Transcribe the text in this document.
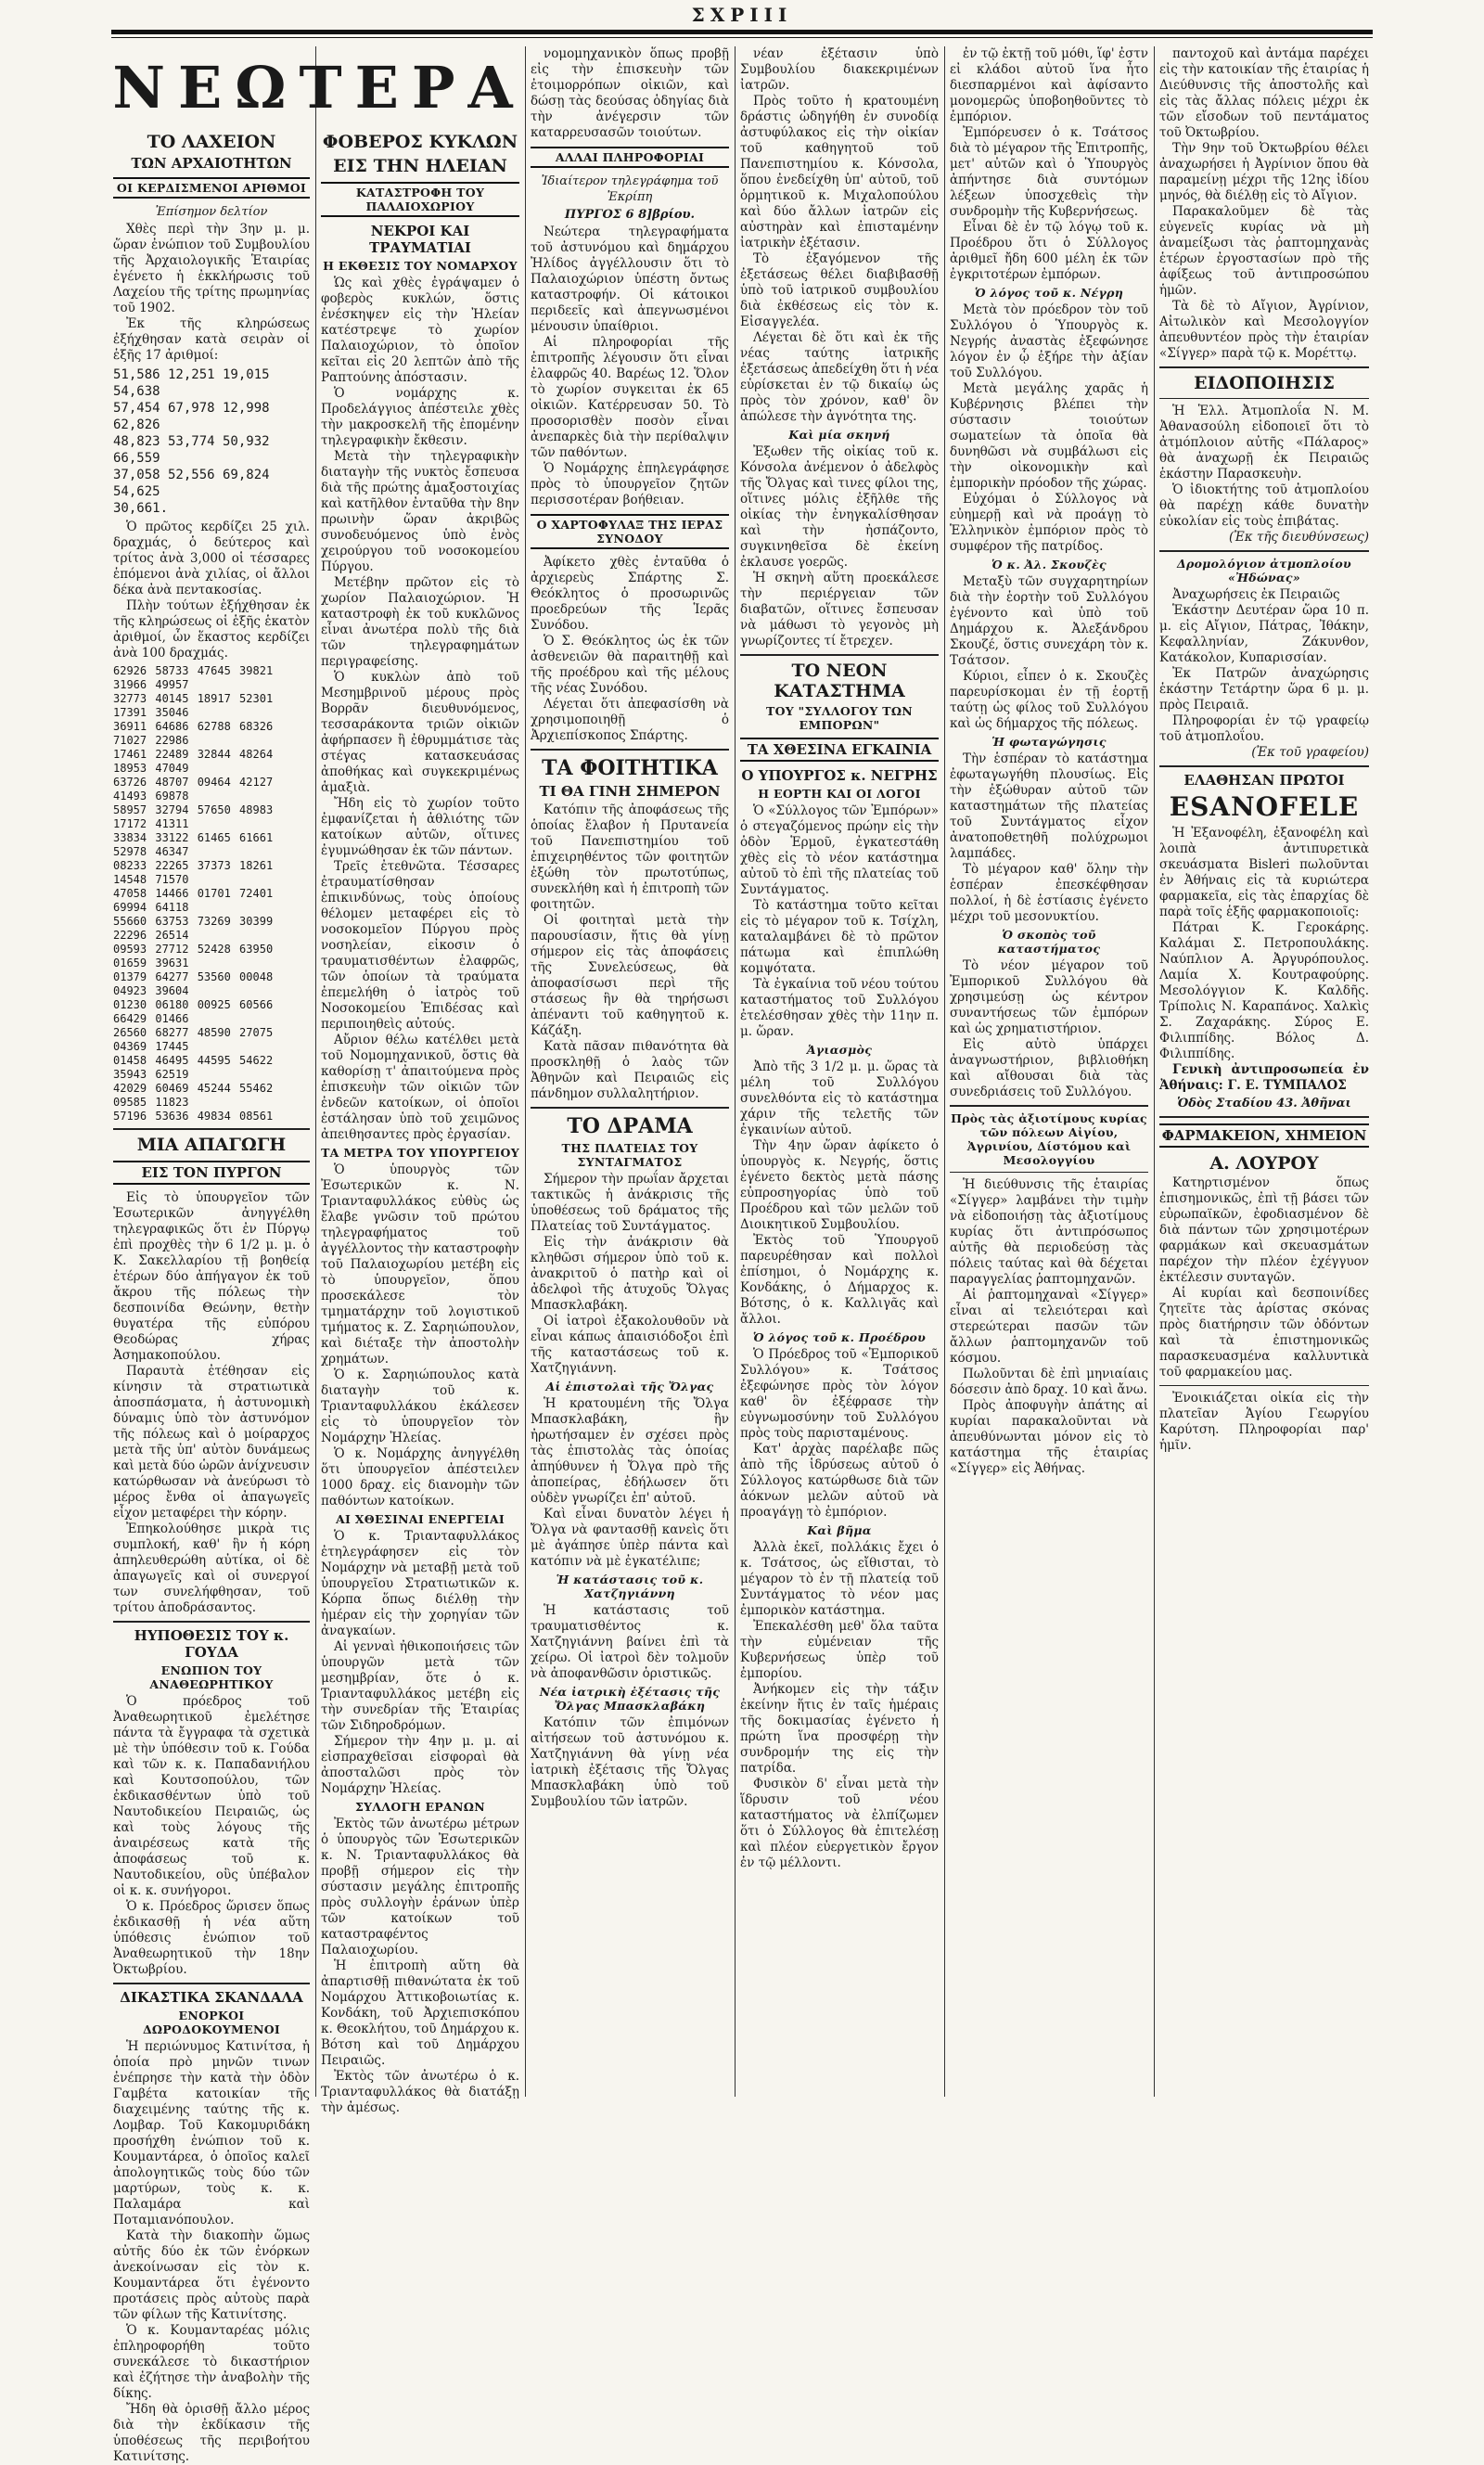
ΣΧΡΙΙΙ
ΝΕΩΤΕΡΑ
ΤΟ ΛΑΧΕΙΟΝ
ΤΩΝ ΑΡΧΑΙΟΤΗΤΩΝ
ΟΙ ΚΕΡΔΙΣΜΕΝΟΙ ΑΡΙΘΜΟΙ
Ἐπίσημον δελτίον

Χθὲς περὶ τὴν 3ην μ. μ. ὥραν ἐνώπιον τοῦ Συμβουλίου τῆς Ἀρχαιολογικῆς Ἑταιρίας ἐγένετο ἡ ἐκκλήρωσις τοῦ Λαχείου τῆς τρίτης πρωμηνίας τοῦ 1902.

Ἐκ τῆς κληρώσεως ἐξήχθησαν κατὰ σειρὰν οἱ ἑξῆς 17 ἀριθμοί:

51,586 12,251 19,015 54,638
57,454 67,978 12,998 62,826
48,823 53,774 50,932 66,559
37,058 52,556 69,824 54,625
30,661.

Ὁ πρῶτος κερδίζει 25 χιλ. δραχμάς, ὁ δεύτερος καὶ τρίτος ἀνὰ 3,000 οἱ τέσσαρες ἑπόμενοι ἀνὰ χιλίας, οἱ ἄλλοι δέκα ἀνὰ πεντακοσίας.

Πλὴν τούτων ἐξήχθησαν ἐκ τῆς κληρώσεως οἱ ἑξῆς ἑκατὸν ἀριθμοί, ὧν ἕκαστος κερδίζει ἀνὰ 100 δραχμάς.

62926 58733 47645 39821 31966 49957
32773 40145 18917 52301 17391 35046
36911 64686 62788 68326 71027 22986
17461 22489 32844 48264 18953 47049
63726 48707 09464 42127 41493 69878
58957 32794 57650 48983 17172 41311
33834 33122 61465 61661 52978 46347
08233 22265 37373 18261 14548 71570
47058 14466 01701 72401 69994 64118
55660 63753 73269 30399 22296 26514
09593 27712 52428 63950 01659 39631
01379 64277 53560 00048 04923 39604
01230 06180 00925 60566 66429 01466
26560 68277 48590 27075 04369 17445
01458 46495 44595 54622 35943 62519
42029 60469 45244 55462 09585 11823
57196 53636 49834 08561
ΜΙΑ ΑΠΑΓΩΓΗ
ΕΙΣ ΤΟΝ ΠΥΡΓΟΝ

Εἰς τὸ ὑπουργεῖον τῶν Ἐσωτερικῶν ἀνηγγέλθη τηλεγραφικῶς ὅτι ἐν Πύργῳ ἐπὶ προχθὲς τὴν 6 1/2 μ. μ. ὁ Κ. Σακελλαρίου τῇ βοηθείᾳ ἑτέρων δύο ἀπήγαγον ἐκ τοῦ ἄκρου τῆς πόλεως τὴν δεσποινίδα Θεώνην, θετὴν θυγατέρα τῆς εὐπόρου Θεοδώρας χήρας Ἀσημακοπούλου.

Παραυτὰ ἐτέθησαν εἰς κίνησιν τὰ στρατιωτικὰ ἀποσπάσματα, ἡ ἀστυνομικὴ δύναμις ὑπὸ τὸν ἀστυνόμον τῆς πόλεως καὶ ὁ μοίραρχος μετὰ τῆς ὑπ' αὐτὸν δυνάμεως καὶ μετὰ δύο ὡρῶν ἀνίχνευσιν κατώρθωσαν νὰ ἀνεύρωσι τὸ μέρος ἔνθα οἱ ἀπαγωγεῖς εἶχον μεταφέρει τὴν κόρην.

Ἐπηκολούθησε μικρὰ τις συμπλοκή, καθ' ἣν ἡ κόρη ἀπηλευθερώθη αὐτίκα, οἱ δὲ ἀπαγωγεῖς καὶ οἱ συνεργοί των συνελήφθησαν, τοῦ τρίτου ἀποδράσαντος.

ΗΥΠΟΘΕΣΙΣ ΤΟΥ κ. ΓΟΥΔΑ
ΕΝΩΠΙΟΝ ΤΟΥ ΑΝΑΘΕΩΡΗΤΙΚΟΥ

Ὁ πρόεδρος τοῦ Ἀναθεωρητικοῦ ἐμελέτησε πάντα τὰ ἔγγραφα τὰ σχετικὰ μὲ τὴν ὑπόθεσιν τοῦ κ. Γούδα καὶ τῶν κ. κ. Παπαδανιήλου καὶ Κουτσοπούλου, τῶν ἐκδικασθέντων ὑπὸ τοῦ Ναυτοδικείου Πειραιῶς, ὡς καὶ τοὺς λόγους τῆς ἀναιρέσεως κατὰ τῆς ἀποφάσεως τοῦ κ. Ναυτοδικείου, οὓς ὑπέβαλον οἱ κ. κ. συνήγοροι.

Ὁ κ. Πρόεδρος ὥρισεν ὅπως ἐκδικασθῇ ἡ νέα αὕτη ὑπόθεσις ἐνώπιον τοῦ Ἀναθεωρητικοῦ τὴν 18ην Ὀκτωβρίου.

ΔΙΚΑΣΤΙΚΑ ΣΚΑΝΔΑΛΑ
ΕΝΟΡΚΟΙ ΔΩΡΟΔΟΚΟΥΜΕΝΟΙ

Ἡ περιώνυμος Κατινίτσα, ἡ ὁποία πρὸ μηνῶν τινων ἐνέπρησε τὴν κατὰ τὴν ὁδὸν Γαμβέτα κατοικίαν τῆς διαχειμένης ταύτης τῆς κ. Λομβαρ. Τοῦ Κακομυριδάκη προσήχθη ἐνώπιον τοῦ κ. Κουμαντάρεα, ὁ ὁποῖος καλεῖ ἀπολογητικῶς τοὺς δύο τῶν μαρτύρων, τοὺς κ. κ. Παλαμάρα καὶ Ποταμιανόπουλον.

Κατὰ τὴν διακοπὴν ὥμως αὐτῆς δύο ἐκ τῶν ἐνόρκων ἀνεκοίνωσαν εἰς τὸν κ. Κουμαντάρεα ὅτι ἐγένοντο προτάσεις πρὸς αὐτοὺς παρὰ τῶν φίλων τῆς Κατινίτσης.

Ὁ κ. Κουμανταρέας μόλις ἐπληροφορήθη τοῦτο συνεκάλεσε τὸ δικαστήριον καὶ ἐζήτησε τὴν ἀναβολὴν τῆς δίκης.

Ἤδη θὰ ὁρισθῇ ἄλλο μέρος διὰ τὴν ἐκδίκασιν τῆς ὑποθέσεως τῆς περιβοήτου Κατινίτσης.

ΦΟΒΕΡΟΣ ΚΥΚΛΩΝ
ΕΙΣ ΤΗΝ ΗΛΕΙΑΝ
ΚΑΤΑΣΤΡΟΦΗ ΤΟΥ ΠΑΛΑΙΟΧΩΡΙΟΥ
ΝΕΚΡΟΙ ΚΑΙ ΤΡΑΥΜΑΤΙΑΙ
Η ΕΚΘΕΣΙΣ ΤΟΥ ΝΟΜΑΡΧΟΥ

Ὡς καὶ χθὲς ἐγράψαμεν ὁ φοβερὸς κυκλών, ὅστις ἐνέσκηψεν εἰς τὴν Ἠλείαν κατέστρεψε τὸ χωρίον Παλαιοχώριον, τὸ ὁποῖον κεῖται εἰς 20 λεπτῶν ἀπὸ τῆς Ραπτούνης ἀπόστασιν.

Ὁ νομάρχης κ. Προδελάγγιος ἀπέστειλε χθὲς τὴν μακροσκελῆ τῆς ἐπομένην τηλεγραφικὴν ἔκθεσιν.

Μετὰ τὴν τηλεγραφικὴν διαταγὴν τῆς νυκτὸς ἔσπευσα διὰ τῆς πρώτης ἀμαξοστοιχίας καὶ κατῆλθον ἐνταῦθα τὴν 8ην πρωινὴν ὥραν ἀκριβῶς συνοδευόμενος ὑπὸ ἑνὸς χειρούργου τοῦ νοσοκομείου Πύργου.

Μετέβην πρῶτον εἰς τὸ χωρίον Παλαιοχώριον. Ἡ καταστροφὴ ἐκ τοῦ κυκλῶνος εἶναι ἀνωτέρα πολὺ τῆς διὰ τῶν τηλεγραφημάτων περιγραφείσης.

Ὁ κυκλὼν ἀπὸ τοῦ Μεσημβρινοῦ μέρους πρὸς Βορρᾶν διευθυνόμενος, τεσσαράκοντα τριῶν οἰκιῶν ἀφήρπασεν ἢ ἐθρυμμάτισε τὰς στέγας κατασκευάσας ἀποθήκας καὶ συγκεκριμένως ἁμαξιὰ.

Ἤδη εἰς τὸ χωρίον τοῦτο ἐμφανίζεται ἡ ἀθλιότης τῶν κατοίκων αὐτῶν, οἵτινες ἐγυμνώθησαν ἐκ τῶν πάντων.

Τρεῖς ἐτεθνῶτα. Τέσσαρες ἐτραυματίσθησαν ἐπικινδύνως, τοὺς ὁποίους θέλομεν μεταφέρει εἰς τὸ νοσοκομεῖον Πύργου πρὸς νοσηλείαν, εἰκοσιν ὁ τραυματισθέντων ἐλαφρῶς, τῶν ὁποίων τὰ τραύματα ἐπεμελήθη ὁ ἰατρὸς τοῦ Νοσοκομείου Ἐπιδέσας καὶ περιποιηθεὶς αὐτούς.

Αὔριον θέλω κατέλθει μετὰ τοῦ Νομομηχανικοῦ, ὅστις θὰ καθορίσῃ τ' ἀπαιτούμενα πρὸς ἐπισκευὴν τῶν οἰκιῶν τῶν ἐνδεῶν κατοίκων, οἱ ὁποῖοι ἐστάλησαν ὑπὸ τοῦ χειμῶνος ἀπειθησαντες πρὸς ἐργασίαν.

ΤΑ ΜΕΤΡΑ ΤΟΥ ΥΠΟΥΡΓΕΙΟΥ

Ὁ ὑπουργὸς τῶν Ἐσωτερικῶν κ. Ν. Τριανταφυλλάκος εὐθὺς ὡς ἔλαβε γνῶσιν τοῦ πρώτου τηλεγραφήματος τοῦ ἀγγέλλοντος τὴν καταστροφὴν τοῦ Παλαιοχωρίου μετέβη εἰς τὸ ὑπουργεῖον, ὅπου προσεκάλεσε τὸν τμηματάρχην τοῦ λογιστικοῦ τμήματος κ. Ζ. Σαρηιώπουλον, καὶ διέταξε τὴν ἀποστολὴν χρημάτων.

Ὁ κ. Σαρηιώπουλος κατὰ διαταγὴν τοῦ κ. Τριανταφυλλάκου ἐκάλεσεν εἰς τὸ ὑπουργεῖον τὸν Νομάρχην Ἠλείας.

Ὁ κ. Νομάρχης ἀνηγγέλθη ὅτι ὑπουργεῖον ἀπέστειλεν 1000 δραχ. εἰς διανομὴν τῶν παθόντων κατοίκων.

ΑΙ ΧΘΕΣΙΝΑΙ ΕΝΕΡΓΕΙΑΙ

Ὁ κ. Τριανταφυλλάκος ἐτηλεγράφησεν εἰς τὸν Νομάρχην νὰ μεταβῇ μετὰ τοῦ ὑπουργεῖου Στρατιωτικῶν κ. Κόρπα ὅπως διέλθῃ τὴν ἡμέραν εἰς τὴν χορηγίαν τῶν ἀναγκαίων.

Αἱ γενναὶ ἠθικοποιήσεις τῶν ὑπουργῶν μετὰ τῶν μεσημβρίαν, ὅτε ὁ κ. Τριανταφυλλάκος μετέβη εἰς τὴν συνεδρίαν τῆς Ἑταιρίας τῶν Σιδηροδρόμων.

Σήμερον τὴν 4ην μ. μ. αἱ εἰσπραχθεῖσαι εἰσφοραὶ θὰ ἀποσταλῶσι πρὸς τὸν Νομάρχην Ἠλείας.

ΣΥΛΛΟΓΗ ΕΡΑΝΩΝ

Ἐκτὸς τῶν ἀνωτέρω μέτρων ὁ ὑπουργὸς τῶν Ἐσωτερικῶν κ. Ν. Τριανταφυλλάκος θὰ προβῇ σήμερον εἰς τὴν σύστασιν μεγάλης ἐπιτροπῆς πρὸς συλλογὴν ἐράνων ὑπὲρ τῶν κατοίκων τοῦ καταστραφέντος Παλαιοχωρίου.

Ἡ ἐπιτροπὴ αὕτη θὰ ἀπαρτισθῇ πιθανώτατα ἐκ τοῦ Νομάρχου Ἀττικοβοιωτίας κ. Κονδάκη, τοῦ Ἀρχιεπισκόπου κ. Θεοκλήτου, τοῦ Δημάρχου κ. Βότση καὶ τοῦ Δημάρχου Πειραιῶς.

Ἐκτὸς τῶν ἀνωτέρω ὁ κ. Τριανταφυλλάκος θὰ διατάξῃ τὴν ἀμέσως.

νομομηχανικὸν ὅπως προβῇ εἰς τὴν ἐπισκευὴν τῶν ἐτοιμορρόπων οἰκιῶν, καὶ δώσῃ τὰς δεούσας ὁδηγίας διὰ τὴν ἀνέγερσιν τῶν καταρρευσασῶν τοιούτων.

ΑΛΛΑΙ ΠΛΗΡΟΦΟΡΙΑΙ
Ἰδιαίτερον τηλεγράφημα τοῦ Ἐκρίπη
ΠΥΡΓΟΣ 6 8]βρίου.

Νεώτερα τηλεγραφήματα τοῦ ἀστυνόμου καὶ δημάρχου Ἠλίδος ἀγγέλλουσιν ὅτι τὸ Παλαιοχώριον ὑπέστη ὄντως καταστροφήν. Οἱ κάτοικοι περιδεεῖς καὶ ἀπεγνωσμένοι μένουσιν ὑπαίθριοι.

Αἱ πληροφορίαι τῆς ἐπιτροπῆς λέγουσιν ὅτι εἶναι ἐλαφρῶς 40. Βαρέως 12. Ὅλον τὸ χωρίον συγκειται ἐκ 65 οἰκιῶν. Κατέρρευσαν 50. Τὸ προσορισθὲν ποσὸν εἶναι ἀνεπαρκὲς διὰ τὴν περίθαλψιν τῶν παθόντων.

Ὁ Νομάρχης ἐπηλεγράφησε πρὸς τὸ ὑπουργεῖον ζητῶν περισσοτέραν βοήθειαν.

Ο ΧΑΡΤΟΦΥΛΑΞ ΤΗΣ ΙΕΡΑΣ ΣΥΝΟΔΟΥ

Ἀφίκετο χθὲς ἐνταῦθα ὁ ἀρχιερεὺς Σπάρτης Σ. Θεόκλητος ὁ προσωρινῶς προεδρεύων τῆς Ἱερᾶς Συνόδου.

Ὁ Σ. Θεόκλητος ὡς ἐκ τῶν ἀσθενειῶν θὰ παραιτηθῇ καὶ τῆς προέδρου καὶ τῆς μέλους τῆς νέας Συνόδου.

Λέγεται ὅτι ἀπεφασίσθη νὰ χρησιμοποιηθῇ ὁ Ἀρχιεπίσκοπος Σπάρτης.

ΤΑ ΦΟΙΤΗΤΙΚΑ
ΤΙ ΘΑ ΓΙΝΗ ΣΗΜΕΡΟΝ

Κατόπιν τῆς ἀποφάσεως τῆς ὁποίας ἔλαβον ἡ Πρυτανεία τοῦ Πανεπιστημίου τοῦ ἐπιχειρηθέντος τῶν φοιτητῶν ἐξώθη τὸν πρωτοτύπως, συνεκλήθη καὶ ἡ ἐπιτροπὴ τῶν φοιτητῶν.

Οἱ φοιτηταὶ μετὰ τὴν παρουσίασιν, ἥτις θὰ γίνῃ σήμερον εἰς τὰς ἀποφάσεις τῆς Συνελεύσεως, θὰ ἀποφασίσωσι περὶ τῆς στάσεως ἣν θὰ τηρήσωσι ἀπέναντι τοῦ καθηγητοῦ κ. Κάζάξη.

Κατὰ πᾶσαν πιθανότητα θὰ προσκληθῇ ὁ λαὸς τῶν Ἀθηνῶν καὶ Πειραιῶς εἰς πάνδημον συλλαλητήριον.

ΤΟ ΔΡΑΜΑ
ΤΗΣ ΠΛΑΤΕΙΑΣ ΤΟΥ ΣΥΝΤΑΓΜΑΤΟΣ

Σήμερον τὴν πρωΐαν ἄρχεται τακτικῶς ἡ ἀνάκρισις τῆς ὑποθέσεως τοῦ δράματος τῆς Πλατείας τοῦ Συντάγματος.

Εἰς τὴν ἀνάκρισιν θὰ κληθῶσι σήμερον ὑπὸ τοῦ κ. ἀνακριτοῦ ὁ πατὴρ καὶ οἱ ἀδελφοὶ τῆς ἀτυχοῦς Ὄλγας Μπασκλαβάκη.

Οἱ ἰατροὶ ἐξακολουθοῦν νὰ εἶναι κάπως ἀπαισιόδοξοι ἐπὶ τῆς καταστάσεως τοῦ κ. Χατζηγιάννη.

Αἱ ἐπιστολαὶ τῆς Ὄλγας

Ἡ κρατουμένη τῆς Ὄλγα Μπασκλαβάκη, ἣν ἠρωτήσαμεν ἐν σχέσει πρὸς τὰς ἐπιστολὰς τὰς ὁποίας ἀπηύθυνεν ἡ Ὄλγα πρὸ τῆς ἀποπείρας, ἐδήλωσεν ὅτι οὐδὲν γνωρίζει ἐπ' αὐτοῦ.

Καὶ εἶναι δυνατὸν λέγει ἡ Ὄλγα νὰ φαντασθῇ κανεὶς ὅτι μὲ ἀγάπησε ὑπὲρ πάντα καὶ κατόπιν νὰ μὲ ἐγκατέλιπε;

Ἡ κατάστασις τοῦ κ. Χατζηγιάννη

Ἡ κατάστασις τοῦ τραυματισθέντος κ. Χατζηγιάννη βαίνει ἐπὶ τὰ χείρω. Οἱ ἰατροὶ δὲν τολμοῦν νὰ ἀποφανθῶσιν ὁριστικῶς.

Νέα ἰατρικὴ ἐξέτασις τῆς Ὄλγας Μπασκλαβάκη

Κατόπιν τῶν ἐπιμόνων αἰτήσεων τοῦ ἀστυνόμου κ. Χατζηγιάννη θὰ γίνῃ νέα ἰατρικὴ ἐξέτασις τῆς Ὄλγας Μπασκλαβάκη ὑπὸ τοῦ Συμβουλίου τῶν ἰατρῶν.

νέαν ἐξέτασιν ὑπὸ Συμβουλίου διακεκριμένων ἰατρῶν.

Πρὸς τοῦτο ἡ κρατουμένη δράστις ὡδηγήθη ἐν συνοδίᾳ ἀστυφύλακος εἰς τὴν οἰκίαν τοῦ καθηγητοῦ τοῦ Πανεπιστημίου κ. Κόνσολα, ὅπου ἐνεδείχθη ὑπ' αὐτοῦ, τοῦ ὁρμητικοῦ κ. Μιχαλοπούλου καὶ δύο ἄλλων ἰατρῶν εἰς αὐστηρὰν καὶ ἐπισταμένην ἰατρικὴν ἐξέτασιν.

Τὸ ἐξαγόμενον τῆς ἐξετάσεως θέλει διαβιβασθῇ ὑπὸ τοῦ ἰατρικοῦ συμβουλίου διὰ ἐκθέσεως εἰς τὸν κ. Εἰσαγγελέα.

Λέγεται δὲ ὅτι καὶ ἐκ τῆς νέας ταύτης ἰατρικῆς ἐξετάσεως ἀπεδείχθη ὅτι ἡ νέα εὑρίσκεται ἐν τῷ δικαίῳ ὡς πρὸς τὸν χρόνον, καθ' ὃν ἀπώλεσε τὴν ἀγνότητα της.

Καὶ μία σκηνή

Ἐξωθεν τῆς οἰκίας τοῦ κ. Κόνσολα ἀνέμενον ὁ ἀδελφὸς τῆς Ὄλγας καὶ τινες φίλοι της, οἵτινες μόλις ἐξῆλθε τῆς οἰκίας τὴν ἐνηγκαλίσθησαν καὶ τὴν ἠσπάζοντο, συγκινηθεῖσα δὲ ἐκείνη ἐκλαυσε γοερῶς.

Ἡ σκηνὴ αὕτη προεκάλεσε τὴν περιέργειαν τῶν διαβατῶν, οἵτινες ἔσπευσαν νὰ μάθωσι τὸ γεγονὸς μὴ γνωρίζοντες τί ἔτρεχεν.

ΤΟ ΝΕΟΝ ΚΑΤΑΣΤΗΜΑ
ΤΟΥ "ΣΥΛΛΟΓΟΥ ΤΩΝ ΕΜΠΟΡΩΝ"
ΤΑ ΧΘΕΣΙΝΑ ΕΓΚΑΙΝΙΑ
Ο ΥΠΟΥΡΓΟΣ κ. ΝΕΓΡΗΣ
Η ΕΟΡΤΗ ΚΑΙ ΟΙ ΛΟΓΟΙ

Ὁ «Σύλλογος τῶν Ἐμπόρων» ὁ στεγαζόμενος πρώην εἰς τὴν ὁδὸν Ἑρμοῦ, ἐγκατεστάθη χθὲς εἰς τὸ νέον κατάστημα αὐτοῦ τὸ ἐπὶ τῆς πλατείας τοῦ Συντάγματος.

Τὸ κατάστημα τοῦτο κεῖται εἰς τὸ μέγαρον τοῦ κ. Τσίχλη, καταλαμβάνει δὲ τὸ πρῶτον πάτωμα καὶ ἐπιπλώθη κομψότατα.

Τὰ ἐγκαίνια τοῦ νέου τούτου καταστήματος τοῦ Συλλόγου ἐτελέσθησαν χθὲς τὴν 11ην π. μ. ὥραν.

Ἁγιασμὸς

Ἀπὸ τῆς 3 1/2 μ. μ. ὥρας τὰ μέλη τοῦ Συλλόγου συνελθόντα εἰς τὸ κατάστημα χάριν τῆς τελετῆς τῶν ἐγκαινίων αὐτοῦ.

Τὴν 4ην ὥραν ἀφίκετο ὁ ὑπουργὸς κ. Νεγρής, ὅστις ἐγένετο δεκτὸς μετὰ πάσης εὐπροσηγορίας ὑπὸ τοῦ Προέδρου καὶ τῶν μελῶν τοῦ Διοικητικοῦ Συμβουλίου.

Ἐκτὸς τοῦ Ὑπουργοῦ παρευρέθησαν καὶ πολλοὶ ἐπίσημοι, ὁ Νομάρχης κ. Κονδάκης, ὁ Δήμαρχος κ. Βότσης, ὁ κ. Καλλιγᾶς καὶ ἄλλοι.

Ὁ λόγος τοῦ κ. Προέδρου

Ὁ Πρόεδρος τοῦ «Ἐμπορικοῦ Συλλόγου» κ. Τσάτσος ἐξεφώνησε πρὸς τὸν λόγον καθ' ὃν ἐξέφρασε τὴν εὐγνωμοσύνην τοῦ Συλλόγου πρὸς τοὺς παρισταμένους.

Κατ' ἀρχὰς παρέλαβε πῶς ἀπὸ τῆς ἱδρύσεως αὐτοῦ ὁ Σύλλογος κατώρθωσε διὰ τῶν ἀόκνων μελῶν αὐτοῦ νὰ προαγάγῃ τὸ ἐμπόριον.

Καὶ βῆμα

Ἀλλὰ ἐκεῖ, πολλάκις ἔχει ὁ κ. Τσάτσος, ὡς εἴθισται, τὸ μέγαρον τὸ ἐν τῇ πλατείᾳ τοῦ Συντάγματος τὸ νέον μας ἐμπορικὸν κατάστημα.

Ἐπεκαλέσθη μεθ' ὅλα ταῦτα τὴν εὐμένειαν τῆς Κυβερνήσεως ὑπὲρ τοῦ ἐμπορίου.

Ἀνήκομεν εἰς τὴν τάξιν ἐκείνην ἥτις ἐν ταῖς ἡμέραις τῆς δοκιμασίας ἐγένετο ἡ πρώτη ἵνα προσφέρῃ τὴν συνδρομήν της εἰς τὴν πατρίδα.

Φυσικὸν δ' εἶναι μετὰ τὴν ἵδρυσιν τοῦ νέου καταστήματος νὰ ἐλπίζωμεν ὅτι ὁ Σύλλογος θὰ ἐπιτελέσῃ καὶ πλέον εὐεργετικὸν ἔργον ἐν τῷ μέλλοντι.

ἐν τῷ ἐκτῇ τοῦ μόθι, ἵφ' ἐστν εἰ κλάδοι αὐτοῦ ἵνα ἦτο διεσπαρμένοι καὶ ἀφίσαντο μονομερῶς ὑποβοηθοῦντες τὸ ἐμπόριον.

Ἐμπόρευσεν ὁ κ. Τσάτσος διὰ τὸ μέγαρον τῆς Ἐπιτροπῆς, μετ' αὐτῶν καὶ ὁ Ὑπουργὸς ἀπήντησε διὰ συντόμων λέξεων ὑποσχεθεὶς τὴν συνδρομὴν τῆς Κυβερνήσεως.

Εἶναι δὲ ἐν τῷ λόγῳ τοῦ κ. Προέδρου ὅτι ὁ Σύλλογος ἀριθμεῖ ἤδη 600 μέλη ἐκ τῶν ἐγκριτοτέρων ἐμπόρων.

Ὁ λόγος τοῦ κ. Νέγρη

Μετὰ τὸν πρόεδρον τὸν τοῦ Συλλόγου ὁ Ὑπουργὸς κ. Νεγρής ἀναστὰς ἐξεφώνησε λόγον ἐν ᾧ ἐξήρε τὴν ἀξίαν τοῦ Συλλόγου.

Μετὰ μεγάλης χαρᾶς ἡ Κυβέρνησις βλέπει τὴν σύστασιν τοιούτων σωματείων τὰ ὁποῖα θὰ δυνηθῶσι νὰ συμβάλωσι εἰς τὴν οἰκονομικὴν καὶ ἐμπορικὴν πρόοδον τῆς χώρας.

Εὐχόμαι ὁ Σύλλογος νὰ εὐημερῇ καὶ νὰ προάγῃ τὸ Ἑλληνικὸν ἐμπόριον πρὸς τὸ συμφέρον τῆς πατρίδος.

Ὁ κ. Ἀλ. Σκουζὲς

Μεταξὺ τῶν συγχαρητηρίων διὰ τὴν ἑορτὴν τοῦ Συλλόγου ἐγένοντο καὶ ὑπὸ τοῦ Δημάρχου κ. Ἀλεξάνδρου Σκουζέ, ὅστις συνεχάρη τὸν κ. Τσάτσον.

Κύριοι, εἶπεν ὁ κ. Σκουζὲς παρευρίσκομαι ἐν τῇ ἑορτῇ ταύτῃ ὡς φίλος τοῦ Συλλόγου καὶ ὡς δήμαρχος τῆς πόλεως.

Ἡ φωταγώγησις

Τὴν ἑσπέραν τὸ κατάστημα ἐφωταγωγήθη πλουσίως. Εἰς τὴν ἐξώθυραν αὐτοῦ τῶν καταστημάτων τῆς πλατείας τοῦ Συντάγματος εἶχον ἀνατοποθετηθῆ πολύχρωμοι λαμπάδες.

Τὸ μέγαρον καθ' ὅλην τὴν ἑσπέραν ἐπεσκέφθησαν πολλοί, ἡ δὲ ἑστίασις ἐγένετο μέχρι τοῦ μεσονυκτίου.

Ὁ σκοπὸς τοῦ καταστήματος

Τὸ νέον μέγαρον τοῦ Ἐμπορικοῦ Συλλόγου θὰ χρησιμεύσῃ ὡς κέντρον συναντήσεως τῶν ἐμπόρων καὶ ὡς χρηματιστήριον.

Εἰς αὐτὸ ὑπάρχει ἀναγνωστήριον, βιβλιοθήκη καὶ αἴθουσαι διὰ τὰς συνεδριάσεις τοῦ Συλλόγου.

Πρὸς τὰς ἀξιοτίμους κυρίας τῶν πόλεων Αἰγίου, Ἀγρινίου, Δίστόμου καὶ Μεσολογγίου

Ἡ διεύθυνσις τῆς ἑταιρίας «Σίγγερ» λαμβάνει τὴν τιμὴν νὰ εἰδοποιήσῃ τὰς ἀξιοτίμους κυρίας ὅτι ἀντιπρόσωπος αὐτῆς θὰ περιοδεύσῃ τὰς πόλεις ταύτας καὶ θὰ δέχεται παραγγελίας ῥαπτομηχανῶν.

Αἱ ῥαπτομηχαναὶ «Σίγγερ» εἶναι αἱ τελειότεραι καὶ στερεώτεραι πασῶν τῶν ἄλλων ῥαπτομηχανῶν τοῦ κόσμου.

Πωλοῦνται δὲ ἐπὶ μηνιαίαις δόσεσιν ἀπὸ δραχ. 10 καὶ ἄνω.

Πρὸς ἀποφυγὴν ἀπάτης αἱ κυρίαι παρακαλοῦνται νὰ ἀπευθύνωνται μόνον εἰς τὸ κατάστημα τῆς ἑταιρίας «Σίγγερ» εἰς Ἀθήνας.

παντοχοῦ καὶ ἀντάμα παρέχει εἰς τὴν κατοικίαν τῆς ἑταιρίας ἡ Διεύθυνσις τῆς ἀποστολῆς καὶ εἰς τὰς ἄλλας πόλεις μέχρι ἐκ τῶν εἴσοδων τοῦ πεντάματος τοῦ Ὀκτωβρίου.

Τὴν 9ην τοῦ Ὀκτωβρίου θέλει ἀναχωρήσει ἡ Ἀγρίνιον ὅπου θὰ παραμείνῃ μέχρι τῆς 12ης ἰδίου μηνός, θὰ διέλθῃ εἰς τὸ Αἴγιον.

Παρακαλοῦμεν δὲ τὰς εὐγενεῖς κυρίας νὰ μὴ ἀναμείξωσι τὰς ῥαπτομηχανὰς ἑτέρων ἐργοστασίων πρὸ τῆς ἀφίξεως τοῦ ἀντιπροσώπου ἡμῶν.

Τὰ δὲ τὸ Αἴγιον, Ἀγρίνιον, Αἰτωλικὸν καὶ Μεσολογγίον ἀπευθυντέον πρὸς τὴν ἑταιρίαν «Σίγγερ» παρὰ τῷ κ. Μορέττῳ.

ΕΙΔΟΠΟΙΗΣΙΣ

Ἡ Ἑλλ. Ἀτμοπλοΐα Ν. Μ. Ἀθανασούλη εἰδοποιεῖ ὅτι τὸ ἀτμόπλοιον αὐτῆς «Πάλαρος» θὰ ἀναχωρῇ ἐκ Πειραιῶς ἑκάστην Παρασκευὴν.

Ὁ ἰδιοκτήτης τοῦ ἀτμοπλοίου θὰ παρέχῃ κάθε δυνατὴν εὐκολίαν εἰς τοὺς ἐπιβάτας.

(Ἐκ τῆς διευθύνσεως)
Δρομολόγιον ἀτμοπλοίου «Ἠδώνας»

Ἀναχωρήσεις ἐκ Πειραιῶς

Ἑκάστην Δευτέραν ὥρα 10 π. μ. εἰς Αἴγιον, Πάτρας, Ἰθάκην, Κεφαλληνίαν, Ζάκυνθον, Κατάκολον, Κυπαρισσίαν.

Ἐκ Πατρῶν ἀναχώρησις ἑκάστην Τετάρτην ὥρα 6 μ. μ. πρὸς Πειραιᾶ.

Πληροφορίαι ἐν τῷ γραφείῳ τοῦ ἀτμοπλοΐου.

(Ἐκ τοῦ γραφείου)
ΕΛΑΘΗΣΑΝ ΠΡΩΤΟΙ
ESANOFELE

Ἡ Ἐξανοφέλη, ἐξανοφέλη καὶ λοιπὰ ἀντιπυρετικὰ σκευάσματα Bisleri πωλοῦνται ἐν Ἀθήναις εἰς τὰ κυριώτερα φαρμακεῖα, εἰς τὰς ἐπαρχίας δὲ παρὰ τοῖς ἑξῆς φαρμακοποιοῖς:

Πάτραι Κ. Γεροκάρης. Καλάμαι Σ. Πετροπουλάκης. Ναύπλιον Α. Ἀργυρόπουλος. Λαμία Χ. Κουτραφούρης. Μεσολόγγιον Κ. Καλδῆς. Τρίπολις Ν. Καραπάνος. Χαλκὶς Σ. Ζαχαράκης. Σύρος Ε. Φιλιππίδης. Βόλος Δ. Φιλιππίδης.

Γενικὴ ἀντιπροσωπεία ἐν Ἀθήναις: Γ. Ε. ΤΥΜΠΑΛΟΣ

Ὁδὸς Σταδίου 43. Ἀθῆναι
ΦΑΡΜΑΚΕΙΟΝ, ΧΗΜΕΙΟΝ
Α. ΛΟΥΡΟΥ

Κατηρτισμένον ὅπως ἐπισημονικῶς, ἐπὶ τῇ βάσει τῶν εὐρωπαϊκῶν, ἐφοδιασμένον δὲ διὰ πάντων τῶν χρησιμοτέρων φαρμάκων καὶ σκευασμάτων παρέχον τὴν πλέον ἐχέγγυον ἐκτέλεσιν συνταγῶν.

Αἱ κυρίαι καὶ δεσποινίδες ζητεῖτε τὰς ἀρίστας σκόνας πρὸς διατήρησιν τῶν ὀδόντων καὶ τὰ ἐπιστημονικῶς παρασκευασμένα καλλυντικὰ τοῦ φαρμακείου μας.

Ἐνοικιάζεται οἰκία εἰς τὴν πλατεῖαν Ἁγίου Γεωργίου Καρύτση. Πληροφορίαι παρ' ἡμῖν.
